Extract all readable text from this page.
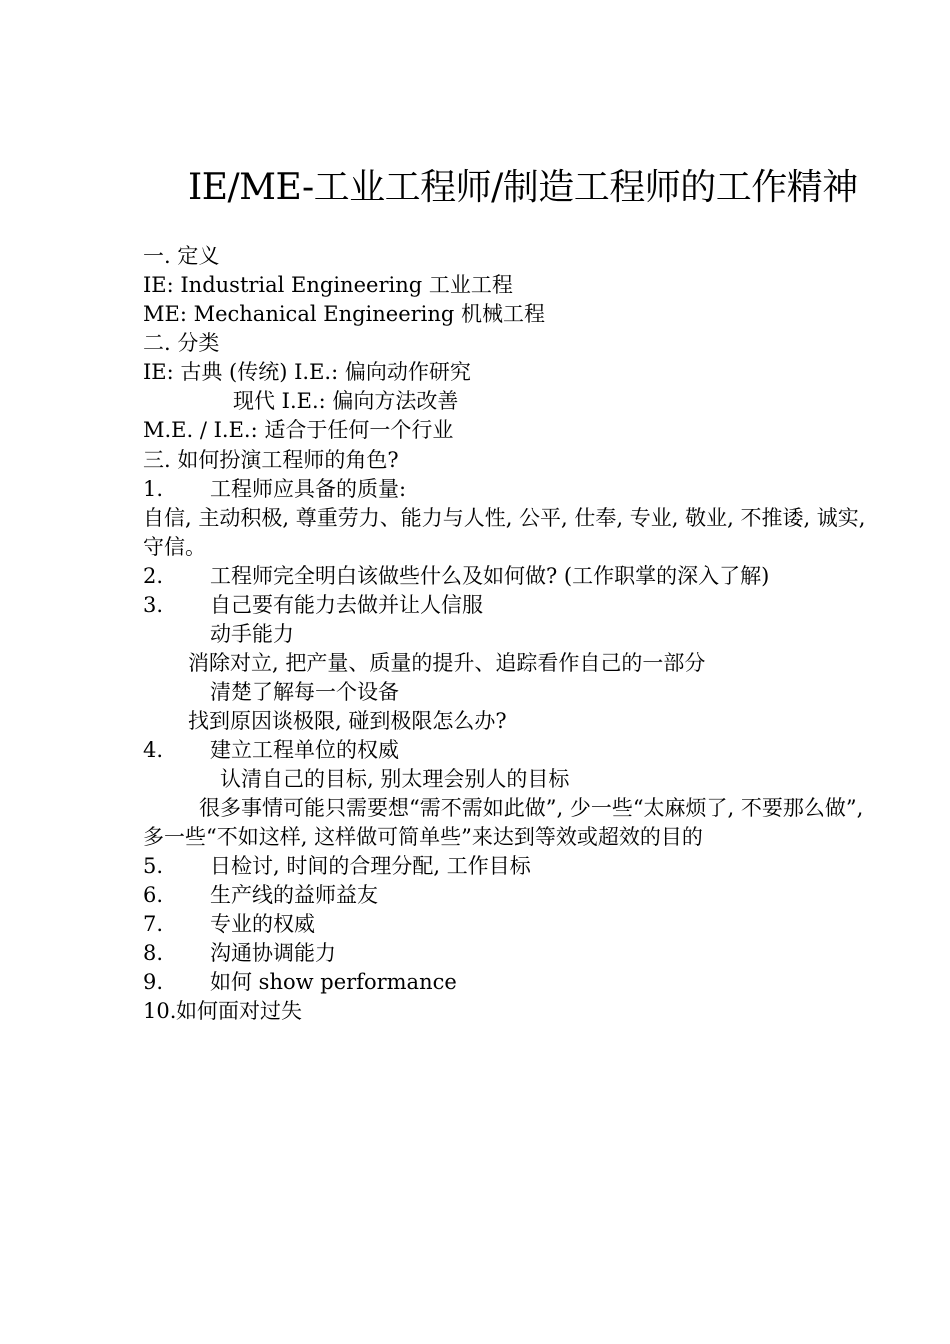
IE/ME-工业工程师/制造工程师的工作精神
一. 定义
IE: Industrial Engineering 工业工程
ME: Mechanical Engineering 机械工程
二. 分类
IE: 古典 (传统) I.E.: 偏向动作研究
现代 I.E.: 偏向方法改善
M.E. / I.E.: 适合于任何一个行业
三. 如何扮演工程师的角色?
1. 工程师应具备的质量:
自信, 主动积极, 尊重劳力、能力与人性, 公平, 仕奉, 专业, 敬业, 不推诿, 诚实, 守信。
2. 工程师完全明白该做些什么及如何做? (工作职掌的深入了解)
3. 自己要有能力去做并让人信服
动手能力
消除对立, 把产量、质量的提升、追踪看作自己的一部分
清楚了解每一个设备
找到原因谈极限, 碰到极限怎么办?
4. 建立工程单位的权威
认清自己的目标, 别太理会别人的目标
很多事情可能只需要想“需不需如此做”, 少一些“太麻烦了, 不要那么做”, 多一些“不如这样, 这样做可简单些”来达到等效或超效的目的
5. 日检讨, 时间的合理分配, 工作目标
6. 生产线的益师益友
7. 专业的权威
8. 沟通协调能力
9. 如何 show performance
10.如何面对过失
